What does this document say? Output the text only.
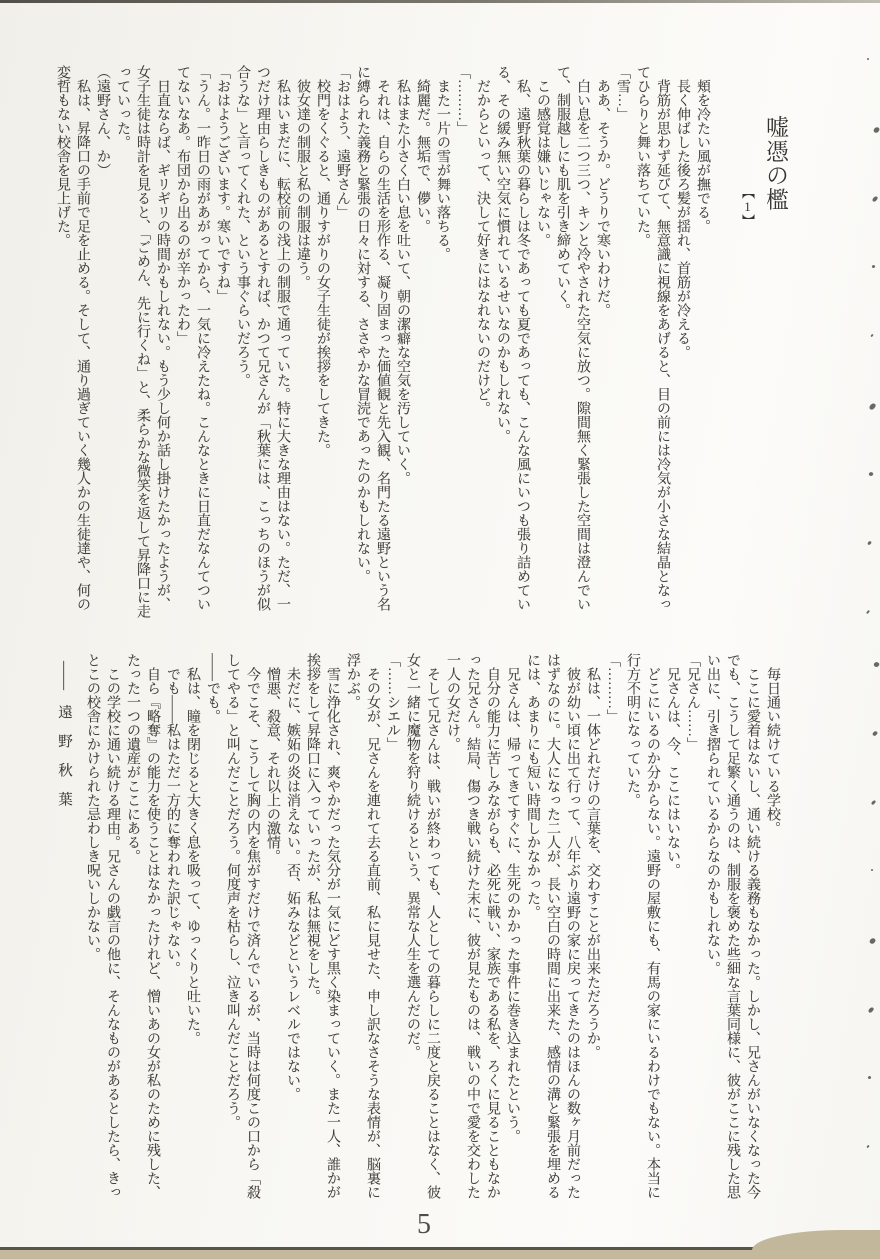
嘘憑の檻
【1】

　頬を冷たい風が撫でる。

　長く伸ばした後ろ髪が揺れ、首筋が冷える。

　背筋が思わず延びて、無意識に視線をあげると、目の前には冷気が小さな結晶となってひらりと舞い落ちていた。

「雪…」

　ああ、そうか。どうりで寒いわけだ。

　白い息を二つ三つ、キンと冷やされた空気に放つ。隙間無く緊張した空間は澄んでいて、制服越しにも肌を引き締めていく。

　この感覚は嫌いじゃない。

　私、遠野秋葉の暮らしは冬であっても夏であっても、こんな風にいつも張り詰めている、その緩み無い空気に慣れているせいなのかもしれない。

　だからといって、決して好きにはなれないのだけど。

「………」

　また一片の雪が舞い落ちる。

　綺麗だ。無垢で、儚い。

　私はまた小さく白い息を吐いて、朝の潔癖な空気を汚していく。

　それは、自らの生活を形作る、凝り固まった価値観と先入観、名門たる遠野という名に縛られた義務と緊張の日々に対する、ささやかな冒涜であったのかもしれない。

「おはよう、遠野さん」

　校門をくぐると、通りすがりの女子生徒が挨拶をしてきた。

　彼女達の制服と私の制服は違う。

　私はいまだに、転校前の浅上の制服で通っていた。特に大きな理由はない。ただ、一つだけ理由らしきものがあるとすれば、かつて兄さんが「秋葉には、こっちのほうが似合うな」と言ってくれた、という事ぐらいだろう。

「おはようございます。寒いですね」

「うん。一昨日の雨があがってから、一気に冷えたね。こんなときに日直だなんてついてないなあ。布団から出るのが辛かったわ」

　日直ならば、ギリギリの時間かもしれない。もう少し何か話し掛けたかったようが、女子生徒は時計を見ると、「ごめん、先に行くね」と、柔らかな微笑を返して昇降口に走っていった。

（遠野さん、か）

　私は、昇降口の手前で足を止める。そして、通り過ぎていく幾人かの生徒達や、何の変哲もない校舎を見上げた。

　毎日通い続けている学校。

　ここに愛着はないし、通い続ける義務もなかった。しかし、兄さんがいなくなった今でも、こうして足繁く通うのは、制服を褒めた些細な言葉同様に、彼がここに残した思い出に、引き摺られているからなのかもしれない。

「兄さん……」

　兄さんは、今、ここにはいない。

　どこにいるのか分からない。遠野の屋敷にも、有馬の家にいるわけでもない。本当に行方不明になっていた。

「………」

　私は、一体どれだけの言葉を、交わすことが出来ただろうか。

　彼が幼い頃に出て行って、八年ぶり遠野の家に戻ってきたのはほんの数ヶ月前だったはずなのに。大人になった二人が、長い空白の時間に出来た、感情の溝と緊張を埋めるには、あまりにも短い時間しかなかった。

　兄さんは、帰ってきてすぐに、生死のかかった事件に巻き込まれたという。

　自分の能力に苦しみながらも、必死に戦い、家族である私を、ろくに見ることもなかった兄さん。結局、傷つき戦い続けた末に、彼が見たものは、戦いの中で愛を交わした一人の女だけ。

　そして兄さんは、戦いが終わっても、人としての暮らしに二度と戻ることはなく、彼女と一緒に魔物を狩り続けるという、異常な人生を選んだのだ。

「……シエル」

　その女が、兄さんを連れて去る直前、私に見せた、申し訳なさそうな表情が、脳裏に浮かぶ。

　雪に浄化され、爽やかだった気分が一気にどす黒く染まっていく。また一人、誰かが挨拶をして昇降口に入っていったが、私は無視をした。

　未だに、嫉妬の炎は消えない。否、妬みなどというレベルではない。

　憎悪、殺意、それ以上の激情。

　今でこそ、こうして胸の内を焦がすだけで済んでいるが、当時は何度この口から「殺してやる」と叫んだことだろう。何度声を枯らし、泣き叫んだことだろう。

――でも。

　私は、瞳を閉じると大きく息を吸って、ゆっくりと吐いた。

　でも――私はただ一方的に奪われた訳じゃない。

　自ら『略奪』の能力を使うことはなかったけれど、憎いあの女が私のために残した、たった一つの遺産がここにある。

　この学校に通い続ける理由。兄さんの戯言の他に、そんなものがあるとしたら、きっとこの校舎にかけられた忌わしき呪いしかない。

――　遠　野　秋　葉
5
